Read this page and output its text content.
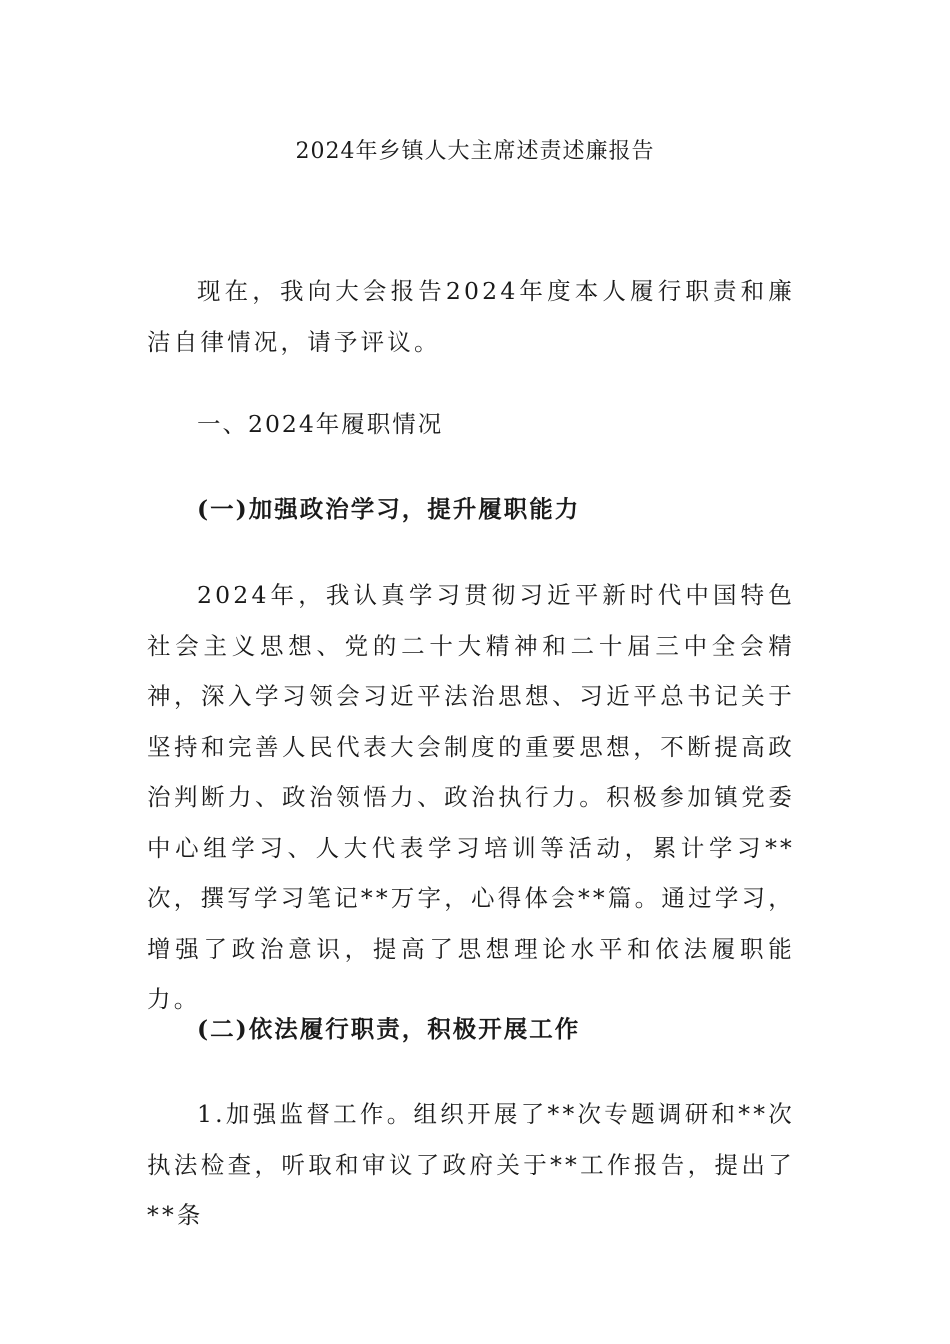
2024年乡镇人大主席述责述廉报告

现在，我向大会报告2024年度本人履行职责和廉洁自律情况，请予评议。

一、2024年履职情况

(一)加强政治学习，提升履职能力

2024年，我认真学习贯彻习近平新时代中国特色社会主义思想、党的二十大精神和二十届三中全会精神，深入学习领会习近平法治思想、习近平总书记关于坚持和完善人民代表大会制度的重要思想，不断提高政治判断力、政治领悟力、政治执行力。积极参加镇党委中心组学习、人大代表学习培训等活动，累计学习**次，撰写学习笔记**万字，心得体会**篇。通过学习，增强了政治意识，提高了思想理论水平和依法履职能力。

(二)依法履行职责，积极开展工作

1.加强监督工作。组织开展了**次专题调研和**次执法检查，听取和审议了政府关于**工作报告，提出了**条
